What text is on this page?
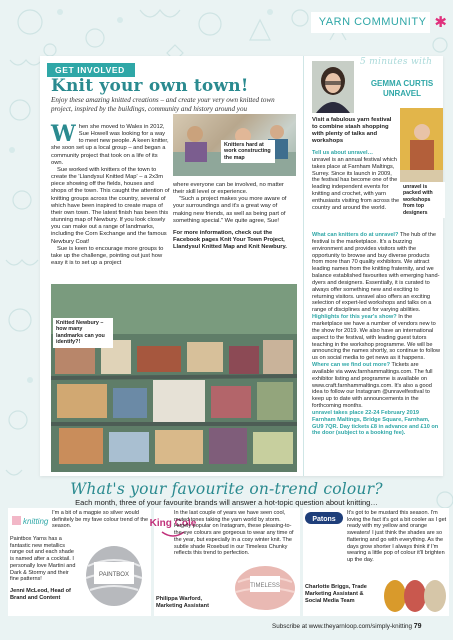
YARN COMMUNITY ✱
GET INVOLVED
Knit your own town!
Enjoy these amazing knitted creations – and create your very own knitted town project, inspired by the buildings, community and history around you
W hen she moved to Wales in 2012, Sue Howell was looking for a way to meet new people. A keen knitter, she soon set up a local group – and began a community project that took on a life of its own.

Sue worked with knitters of the town to create the 'Llandysul Knitted Map' – a 2x3m piece showing off the fields, houses and shops of the town. This caught the attention of knitting groups across the country, several of which have been inspired to create maps of their own town. The latest finish has been this stunning map of Newbury. If you look closely you can make out a range of landmarks, including the Corn Exchange and the famous Newbury Coat!

Sue is keen to encourage more groups to take up the challenge, pointing out just how easy it is to set up a project

Knitters hard at work constructing the map

where everyone can be involved, no matter their skill level or experience.

"Such a project makes you more aware of your surroundings and it's a great way of making new friends, as well as being part of something special." We quite agree, Sue!

For more information, check out the Facebook pages Knit Your Town Project, Llandysul Knitted Map and Knit Newbury.

Knitted Newbury – how many landmarks can you identify?!
5 minutes with
GEMMA CURTIS
UNRAVEL
Visit a fabulous yarn festival to combine stash shopping with plenty of talks and workshops
unravel is packed with workshops from top designers
Tell us about unravel…
unravel is an annual festival which takes place at Farnham Maltings, Surrey. Since its launch in 2009, the festival has become one of the leading independent events for knitting and crochet, with yarn enthusiasts visiting from across the country and around the world.
What can knitters do at unravel? The hub of the festival is the marketplace. It's a buzzing environment and provides visitors with the opportunity to browse and buy diverse products from more than 70 quality exhibitors. We attract leading names from the knitting fraternity, and we balance established favourites with emerging hand-dyers and designers. Essentially, it is curated to always offer something new and exciting to returning visitors. unravel also offers an exciting selection of expert-led workshops and talks on a range of disciplines and for varying abilities.
Highlights for this year's show? In the marketplace we have a number of vendors new to the show for 2019. We also have an international aspect to the festival, with leading guest tutors teaching in the workshop programme. We will be announcing the names shortly, so continue to follow us on social media to get news as it happens.
Where can we find out more? Tickets are available via www.farnhammaltings.com. The full exhibitor listing and programme is available on www.craft.farnhammaltings.com. It's also a good idea to follow our Instagram @unravelfestival to keep up to date with announcements in the forthcoming months.
unravel takes place 22-24 February 2019
Farnham Maltings, Bridge Square, Farnham, GU9 7QR. Day tickets £8 in advance and £10 on the door (subject to a booking fee).
What's your favourite on-trend colour?
Each month, three of your favourite brands will answer a hot-topic question about knitting…
knitting
I'm a bit of a magpie so silver would definitely be my fave colour trend of the season.
Paintbox Yarns has a fantastic new metallics range out and each shade is named after a cocktail. I personally love Martini and Dark & Stormy and their fine patterns!
Jenni McLeod, Head of Brand and Content
PAINTBOX
King Cole
In the last couple of years we have seen cool, muted tones taking the yarn world by storm. Hugely popular on Instagram, these pleasing-to-the-eye colours are gorgeous to wear any time of the year, but especially in a cosy winter knit. The subtle shade Rosebud in our Timeless Chunky reflects this trend to perfection.
Philippa Warford, Marketing Assistant
TIMELESS
Patons
It's got to be mustard this season. I'm loving the fact it's got a bit cooler as I get ready with my yellow and orange sweaters! I just think the shades are so flattering and go with everything. As the days grow shorter I always think if I'm wearing a little pop of colour it'll brighten up the day.
Charlotte Briggs, Trade Marketing Assistant & Social Media Team
Subscribe at www.theyarnloop.com/simply-knitting 79
